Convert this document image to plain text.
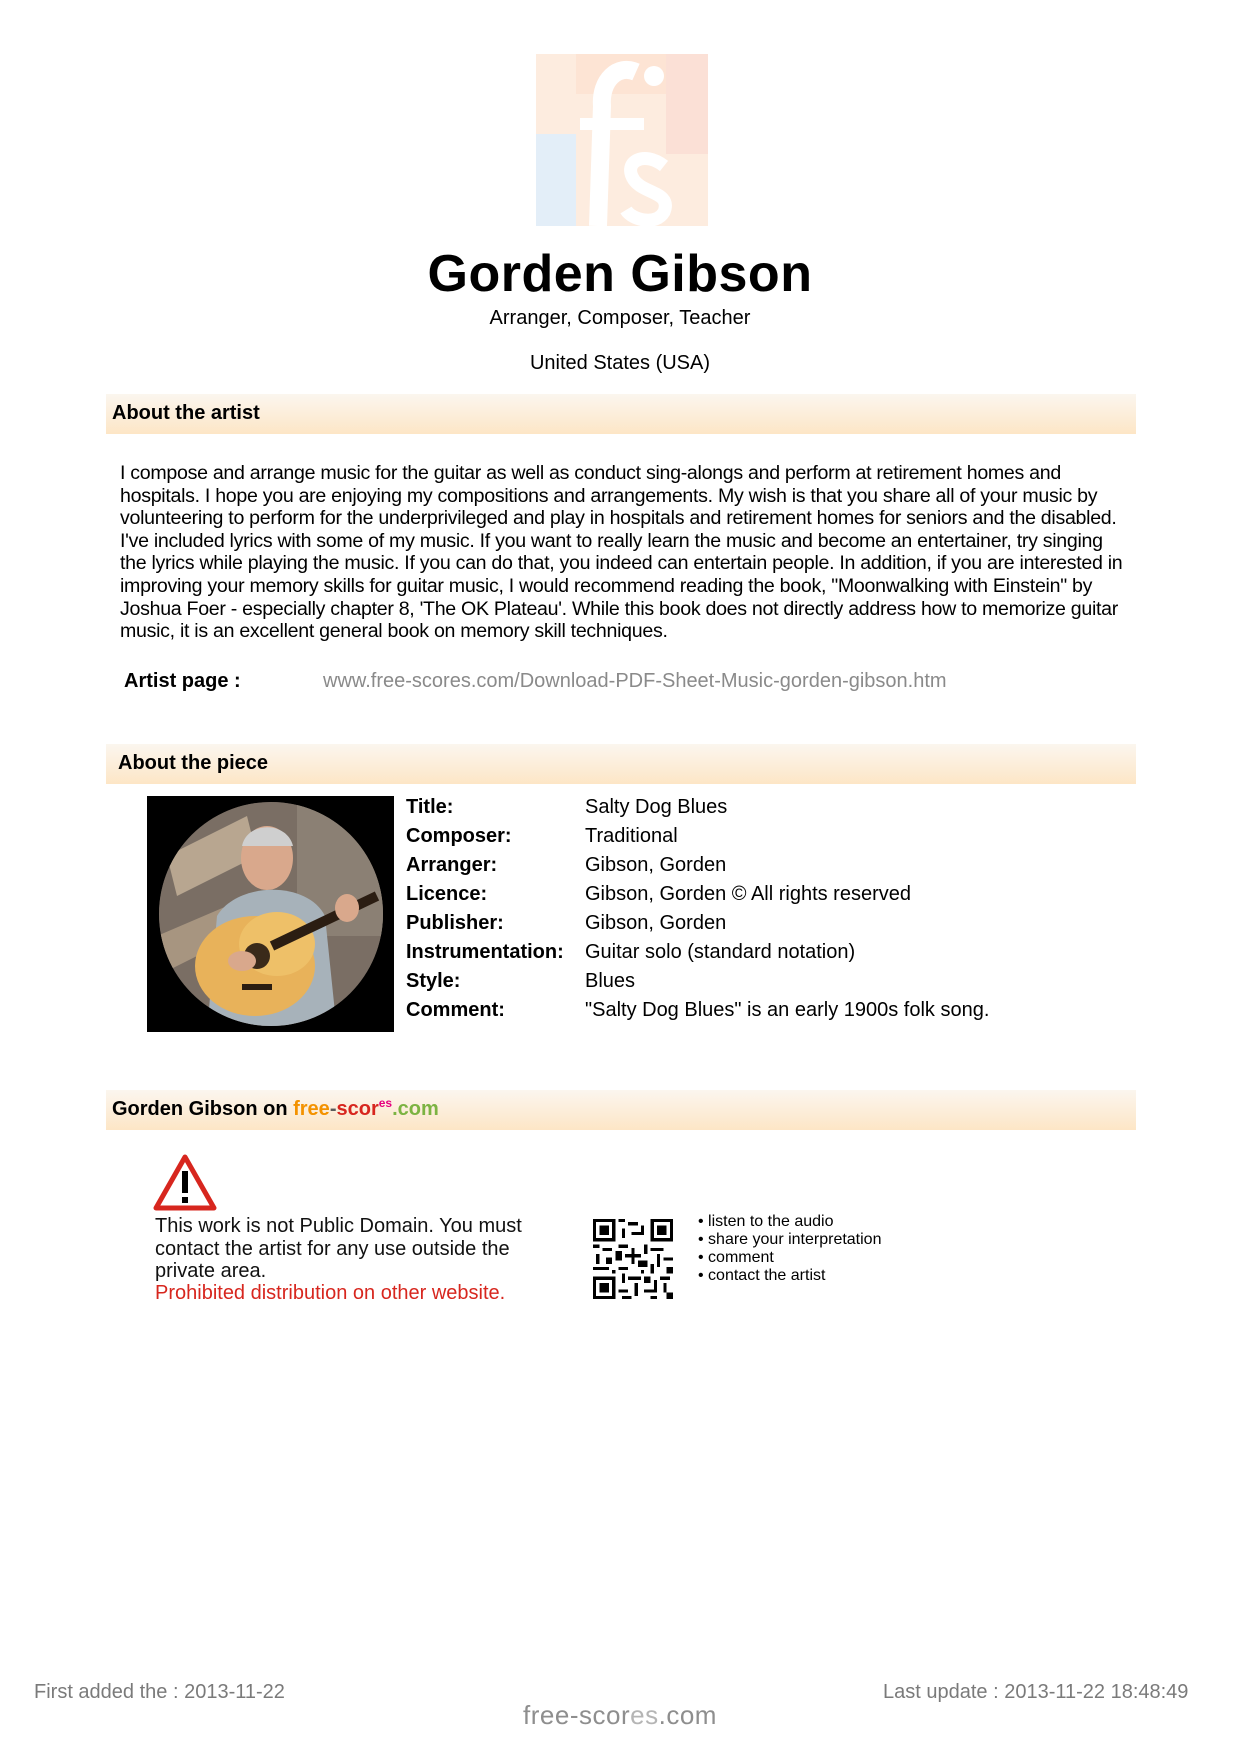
Gorden Gibson
Arranger, Composer, Teacher
United States (USA)
About the artist
I compose and arrange music for the guitar as well as conduct sing-alongs and perform at retirement homes and hospitals. I hope you are enjoying my compositions and arrangements. My wish is that you share all of your music by volunteering to perform for the underprivileged and play in hospitals and retirement homes for seniors and the disabled. I've included lyrics with some of my music. If you want to really learn the music and become an entertainer, try singing the lyrics while playing the music. If you can do that, you indeed can entertain people. In addition, if you are interested in improving your memory skills for guitar music, I would recommend reading the book, "Moonwalking with Einstein" by Joshua Foer - especially chapter 8, 'The OK Plateau'. While this book does not directly address how to memorize guitar music, it is an excellent general book on memory skill techniques.
Artist page :	www.free-scores.com/Download-PDF-Sheet-Music-gorden-gibson.htm
About the piece
Title:	Salty Dog Blues
Composer:	Traditional
Arranger:	Gibson, Gorden
Licence:	Gibson, Gorden © All rights reserved
Publisher:	Gibson, Gorden
Instrumentation: Guitar solo (standard notation)
Style:	Blues
Comment:	"Salty Dog Blues" is an early 1900s folk song.
Gorden Gibson on free-scor$^{es}$.com
This work is not Public Domain. You must contact the artist for any use outside the private area.
Prohibited distribution on other website.
• listen to the audio
• share your interpretation
• comment
• contact the artist
First added the : 2013-11-22	Last update : 2013-11-22 18:48:49
free-scores.com
